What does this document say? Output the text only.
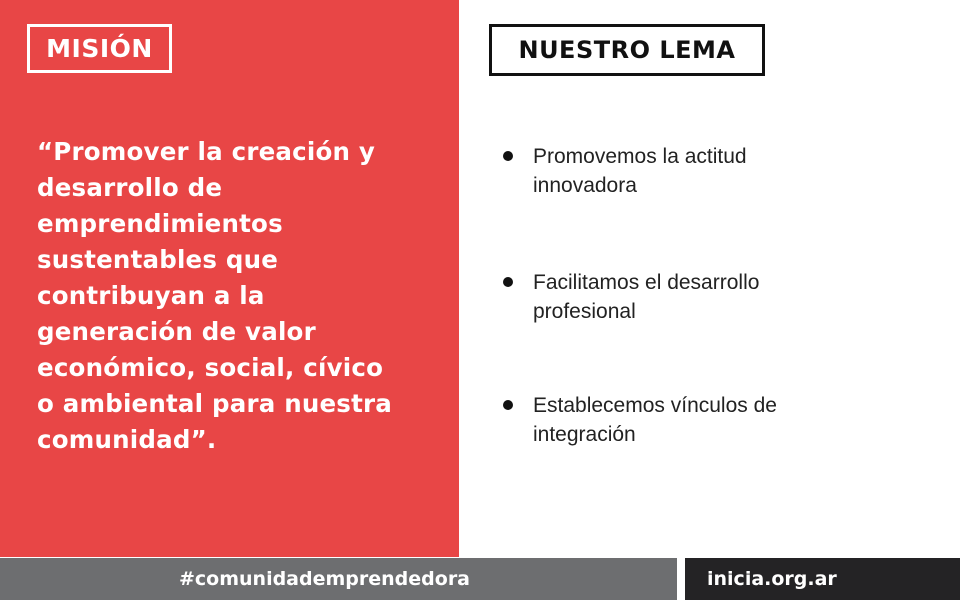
MISIÓN
“Promover la creación y
desarrollo de
emprendimientos
sustentables que
contribuyan a la
generación de valor
económico, social, cívico
o ambiental para nuestra
comunidad”.
NUESTRO LEMA
Promovemos la actitud
innovadora
Facilitamos el desarrollo
profesional
Establecemos vínculos de
integración
#comunidademprendedora	inicia.org.ar
